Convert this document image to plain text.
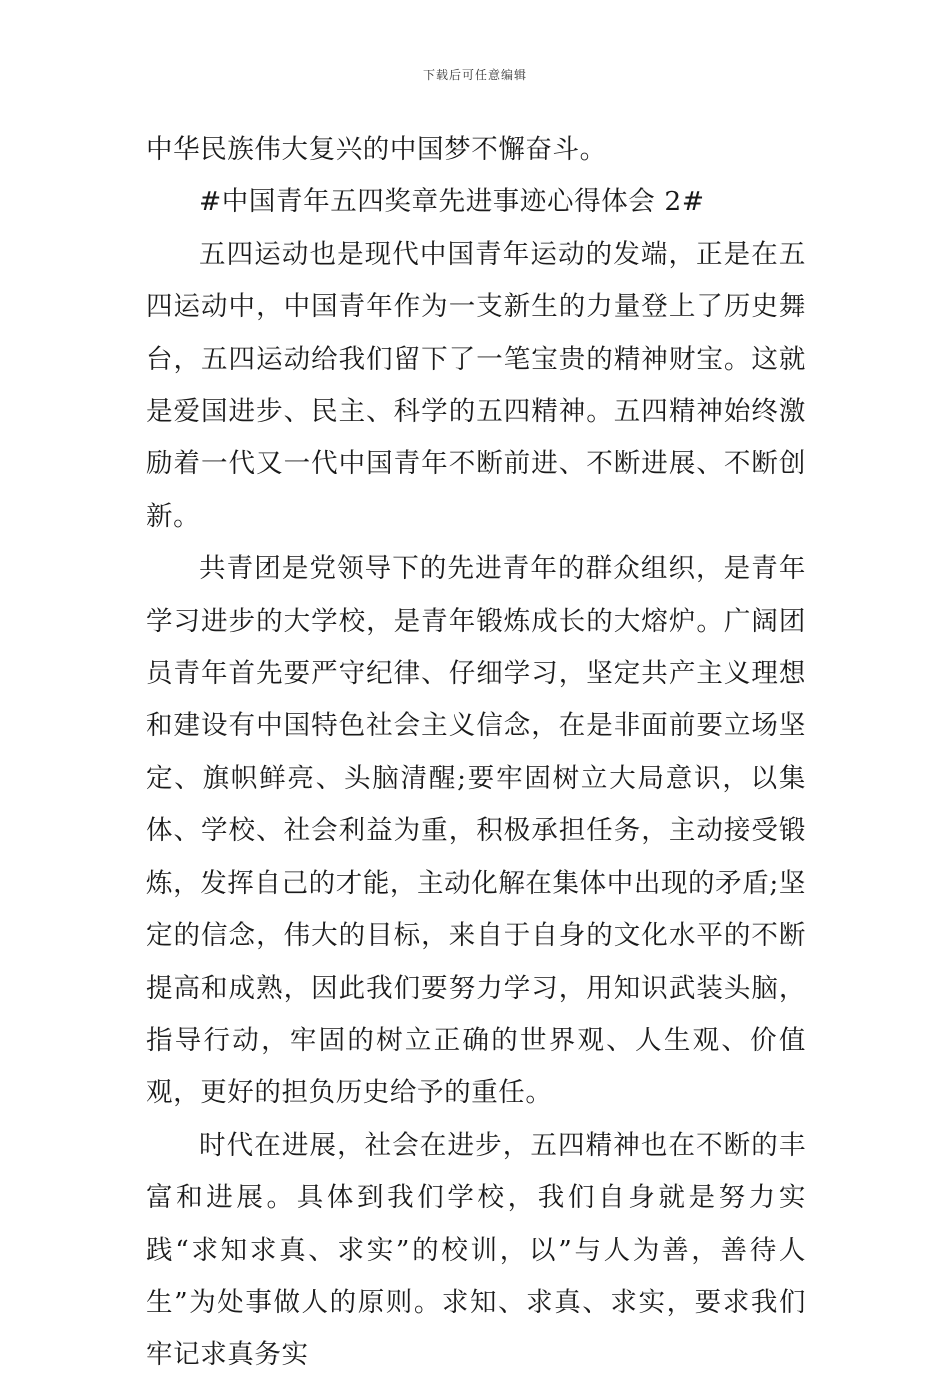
下载后可任意编辑

中华民族伟大复兴的中国梦不懈奋斗。

#中国青年五四奖章先进事迹心得体会 2#

五四运动也是现代中国青年运动的发端，正是在五四运动中，中国青年作为一支新生的力量登上了历史舞台，五四运动给我们留下了一笔宝贵的精神财宝。这就是爱国进步、民主、科学的五四精神。五四精神始终激励着一代又一代中国青年不断前进、不断进展、不断创新。

共青团是党领导下的先进青年的群众组织，是青年学习进步的大学校，是青年锻炼成长的大熔炉。广阔团员青年首先要严守纪律、仔细学习，坚定共产主义理想和建设有中国特色社会主义信念，在是非面前要立场坚定、旗帜鲜亮、头脑清醒;要牢固树立大局意识，以集体、学校、社会利益为重，积极承担任务，主动接受锻炼，发挥自己的才能，主动化解在集体中出现的矛盾;坚定的信念，伟大的目标，来自于自身的文化水平的不断提高和成熟，因此我们要努力学习，用知识武装头脑，指导行动，牢固的树立正确的世界观、人生观、价值观，更好的担负历史给予的重任。

时代在进展，社会在进步，五四精神也在不断的丰富和进展。具体到我们学校，我们自身就是努力实践“求知求真、求实”的校训，以”与人为善，善待人生”为处事做人的原则。求知、求真、求实，要求我们牢记求真务实
